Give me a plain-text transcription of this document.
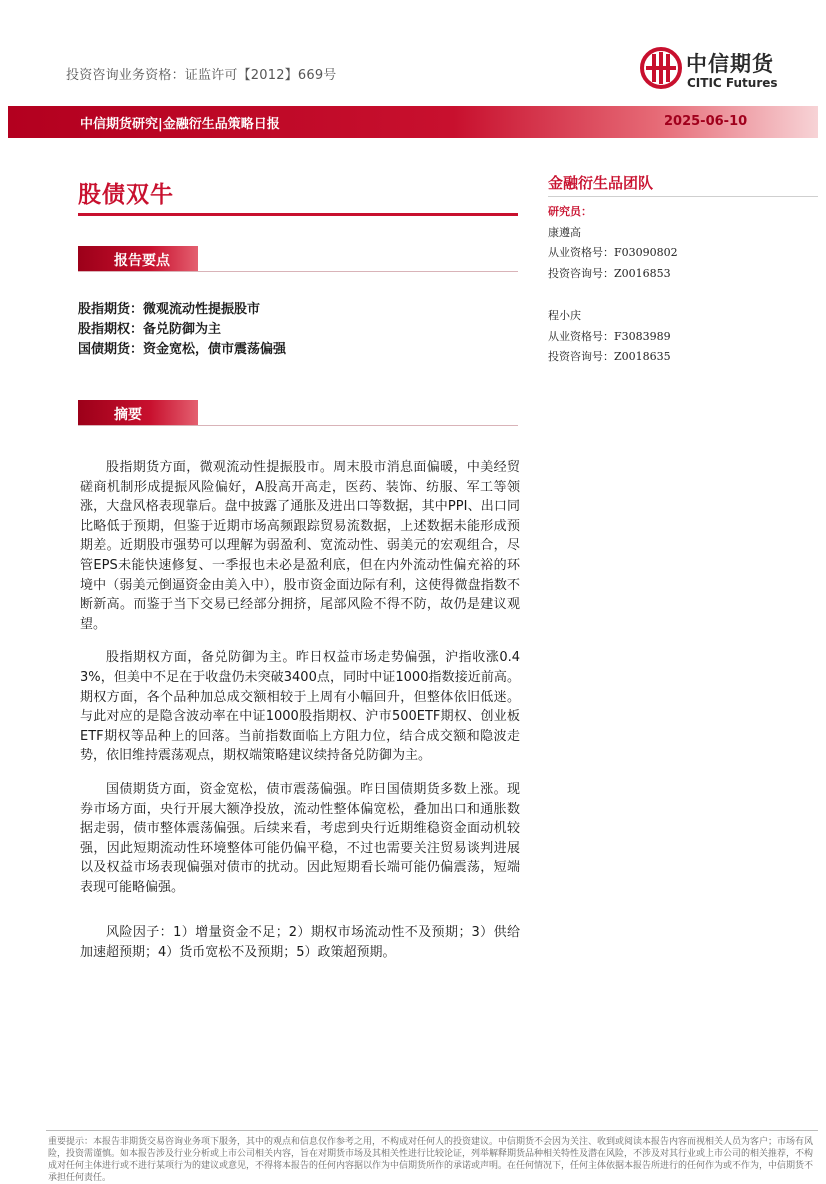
投资咨询业务资格：证监许可【2012】669号	中信期货
CITIC Futures
中信期货研究|金融衍生品策略日报	2025-06-10
股债双牛
报告要点
股指期货：微观流动性提振股市
股指期权：备兑防御为主
国债期货：资金宽松，债市震荡偏强
摘要

股指期货方面，微观流动性提振股市。周末股市消息面偏暖，中美经贸磋商机制形成提振风险偏好，A股高开高走，医药、装饰、纺服、军工等领涨，大盘风格表现靠后。盘中披露了通胀及进出口等数据，其中PPI、出口同比略低于预期，但鉴于近期市场高频跟踪贸易流数据，上述数据未能形成预期差。近期股市强势可以理解为弱盈利、宽流动性、弱美元的宏观组合，尽管EPS未能快速修复、一季报也未必是盈利底，但在内外流动性偏充裕的环境中（弱美元倒逼资金由美入中），股市资金面边际有利，这使得微盘指数不断新高。而鉴于当下交易已经部分拥挤，尾部风险不得不防，故仍是建议观望。

股指期权方面，备兑防御为主。昨日权益市场走势偏强，沪指收涨0.43%，但美中不足在于收盘仍未突破3400点，同时中证1000指数接近前高。期权方面，各个品种加总成交额相较于上周有小幅回升，但整体依旧低迷。与此对应的是隐含波动率在中证1000股指期权、沪市500ETF期权、创业板ETF期权等品种上的回落。当前指数面临上方阻力位，结合成交额和隐波走势，依旧维持震荡观点，期权端策略建议续持备兑防御为主。

国债期货方面，资金宽松，债市震荡偏强。昨日国债期货多数上涨。现券市场方面，央行开展大额净投放，流动性整体偏宽松，叠加出口和通胀数据走弱，债市整体震荡偏强。后续来看，考虑到央行近期维稳资金面动机较强，因此短期流动性环境整体可能仍偏平稳，不过也需要关注贸易谈判进展以及权益市场表现偏强对债市的扰动。因此短期看长端可能仍偏震荡，短端表现可能略偏强。

风险因子：1）增量资金不足；2）期权市场流动性不及预期；3）供给加速超预期；4）货币宽松不及预期；5）政策超预期。

金融衍生品团队
研究员：
康遵高
从业资格号：F03090802
投资咨询号：Z0016853
程小庆
从业资格号：F3083989
投资咨询号：Z0018635
重要提示：本报告非期货交易咨询业务项下服务，其中的观点和信息仅作参考之用，不构成对任何人的投资建议。中信期货不会因为关注、收到或阅读本报告内容而视相关人员为客户；市场有风险，投资需谨慎。如本报告涉及行业分析或上市公司相关内容，旨在对期货市场及其相关性进行比较论证，列举解释期货品种相关特性及潜在风险，不涉及对其行业或上市公司的相关推荐，不构成对任何主体进行或不进行某项行为的建议或意见，不得将本报告的任何内容据以作为中信期货所作的承诺或声明。在任何情况下，任何主体依据本报告所进行的任何作为或不作为，中信期货不承担任何责任。
